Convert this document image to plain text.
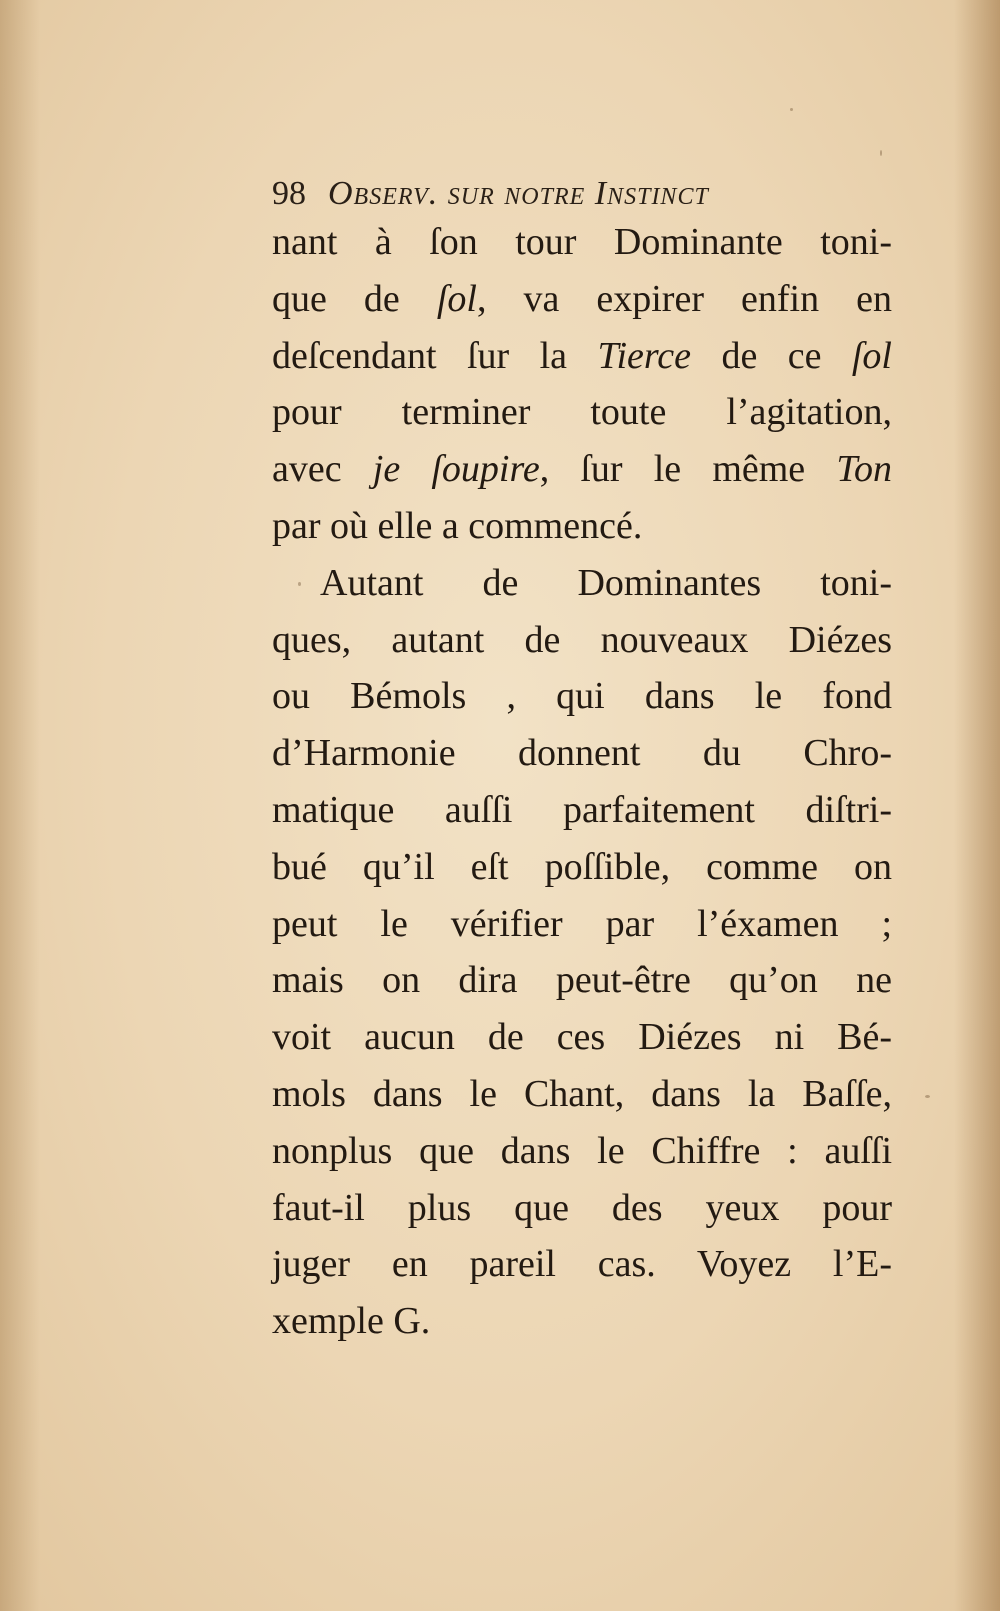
98 Observ. sur notre Instinct
nant à ſon tour Dominante toni-
que de ſol, va expirer enfin en
deſcendant ſur la Tierce de ce ſol
pour terminer toute l’agitation,
avec je ſoupire, ſur le même Ton
par où elle a commencé.
Autant de Dominantes toni-
ques, autant de nouveaux Diézes
ou Bémols , qui dans le fond
d’Harmonie donnent du Chro-
matique auſſi parfaitement diſtri-
bué qu’il eſt poſſible, comme on
peut le vérifier par l’éxamen ;
mais on dira peut-être qu’on ne
voit aucun de ces Diézes ni Bé-
mols dans le Chant, dans la Baſſe,
nonplus que dans le Chiffre : auſſi
faut-il plus que des yeux pour
juger en pareil cas. Voyez l’E-
xemple G.
